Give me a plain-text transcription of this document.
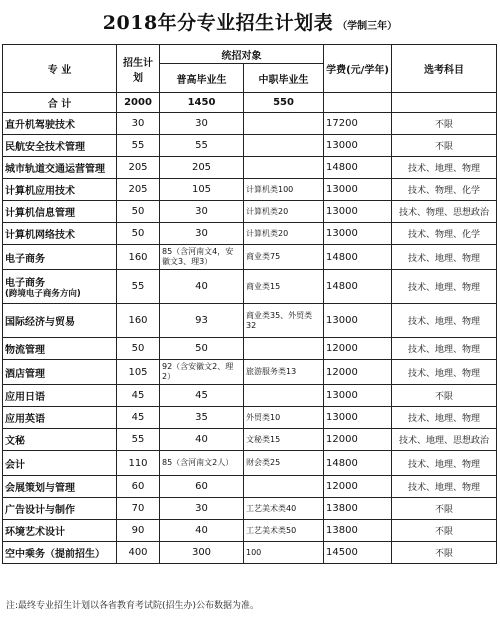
2018年分专业招生计划表 （学制三年）
专 业	招生计划	统招对象		学费(元/学年)	选考科目
		普高毕业生	中职毕业生		
合 计	2000	1450	550		
直升机驾驶技术	30	30		17200	不限
民航安全技术管理	55	55		13000	不限
城市轨道交通运营管理	205	205		14800	技术、地理、物理
计算机应用技术	205	105	计算机类100	13000	技术、物理、化学
计算机信息管理	50	30	计算机类20	13000	技术、物理、思想政治
计算机网络技术	50	30	计算机类20	13000	技术、物理、化学
电子商务	160	85（含河南文4，安徽文3、理3）	商业类75	14800	技术、地理、物理
电子商务
(跨境电子商务方向)	55	40	商业类15	14800	技术、地理、物理
国际经济与贸易	160	93	商业类35、外贸类32	13000	技术、地理、物理
物流管理	50	50		12000	技术、地理、物理
酒店管理	105	92（含安徽文2、理2）	旅游服务类13	12000	技术、地理、物理
应用日语	45	45		13000	不限
应用英语	45	35	外贸类10	13000	技术、地理、物理
文秘	55	40	文秘类15	12000	技术、地理、思想政治
会计	110	85（含河南文2人）	财会类25	14800	技术、地理、物理
会展策划与管理	60	60		12000	技术、地理、物理
广告设计与制作	70	30	工艺美术类40	13800	不限
环境艺术设计	90	40	工艺美术类50	13800	不限
空中乘务（提前招生）	400	300	100	14500	不限
注:最终专业招生计划以各省教育考试院(招生办)公布数据为准。
